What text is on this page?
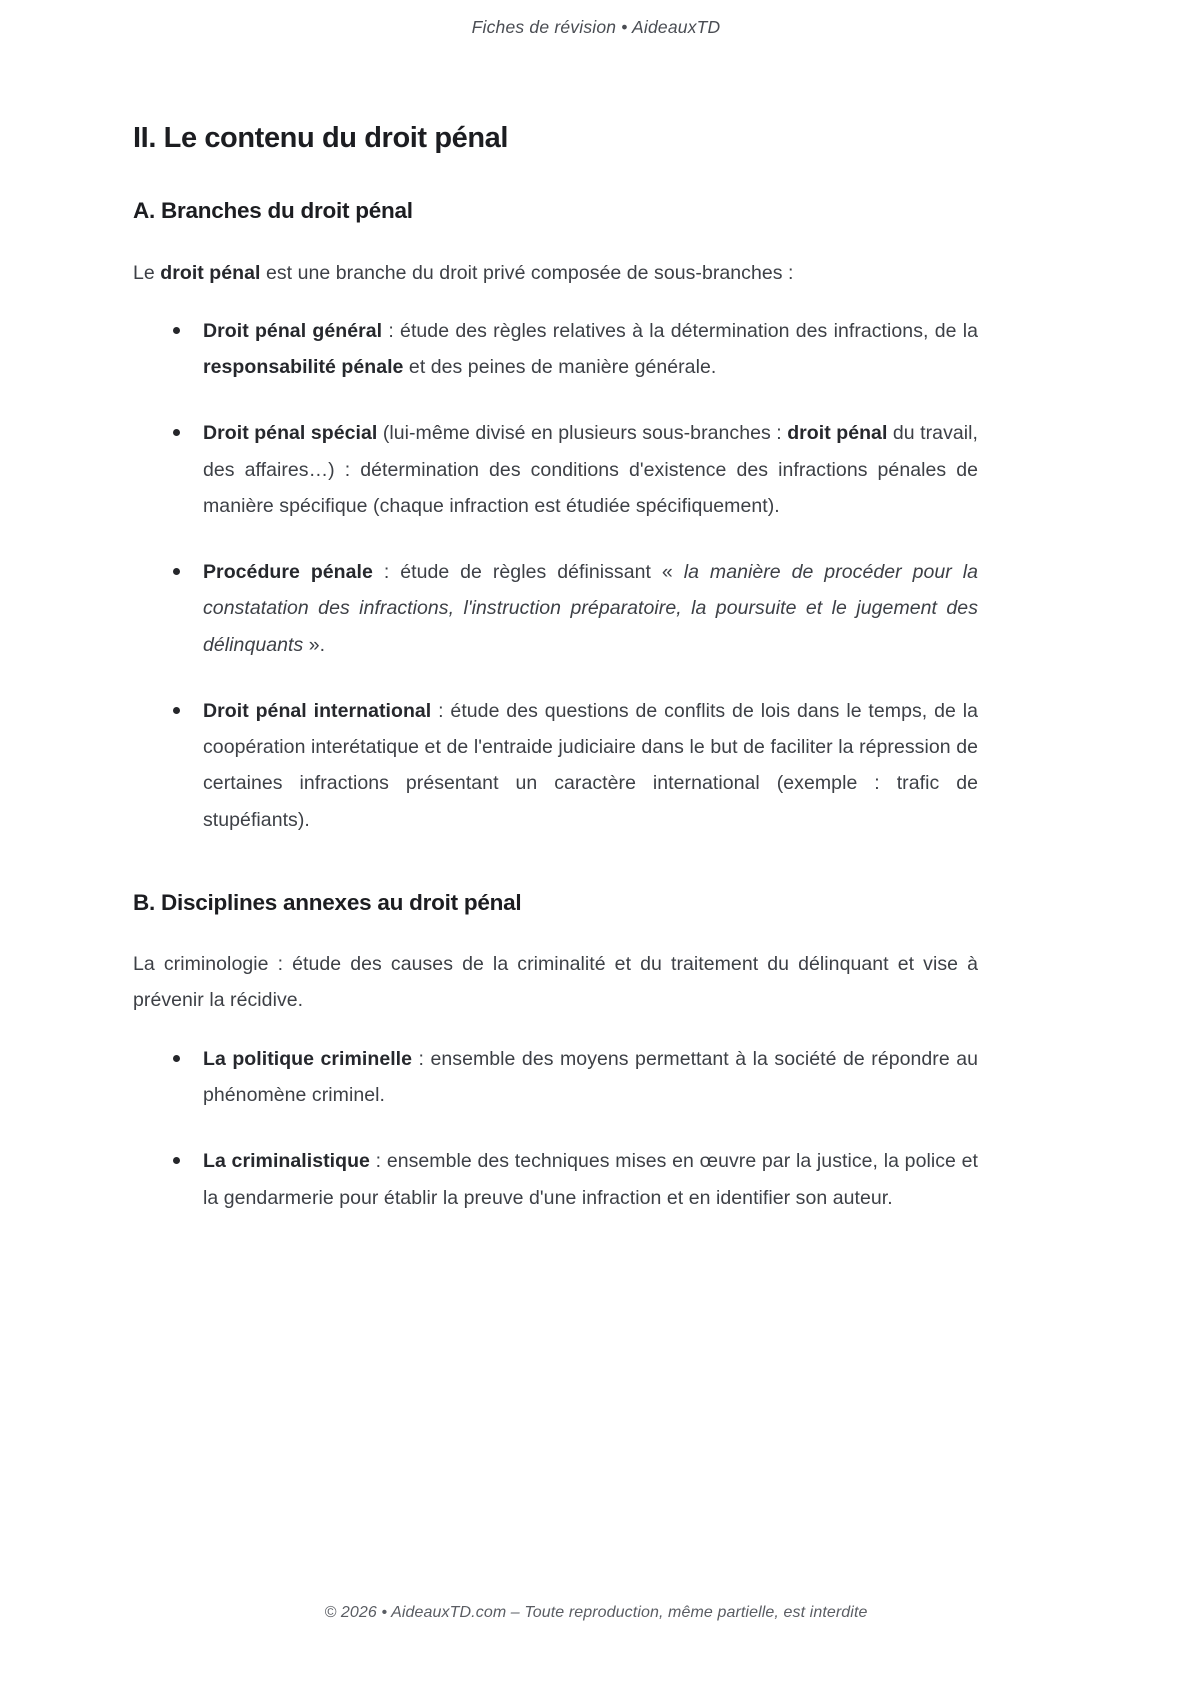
Fiches de révision • AideauxTD
II. Le contenu du droit pénal
A. Branches du droit pénal

Le droit pénal est une branche du droit privé composée de sous-branches :

Droit pénal général : étude des règles relatives à la détermination des infractions, de la responsabilité pénale et des peines de manière générale.
Droit pénal spécial (lui-même divisé en plusieurs sous-branches : droit pénal du travail, des affaires…) : détermination des conditions d'existence des infractions pénales de manière spécifique (chaque infraction est étudiée spécifiquement).
Procédure pénale : étude de règles définissant « la manière de procéder pour la constatation des infractions, l'instruction préparatoire, la poursuite et le jugement des délinquants ».
Droit pénal international : étude des questions de conflits de lois dans le temps, de la coopération interétatique et de l'entraide judiciaire dans le but de faciliter la répression de certaines infractions présentant un caractère international (exemple : trafic de stupéfiants).
B. Disciplines annexes au droit pénal

La criminologie : étude des causes de la criminalité et du traitement du délinquant et vise à prévenir la récidive.

La politique criminelle : ensemble des moyens permettant à la société de répondre au phénomène criminel.
La criminalistique : ensemble des techniques mises en œuvre par la justice, la police et la gendarmerie pour établir la preuve d'une infraction et en identifier son auteur.
© 2026 • AideauxTD.com – Toute reproduction, même partielle, est interdite
